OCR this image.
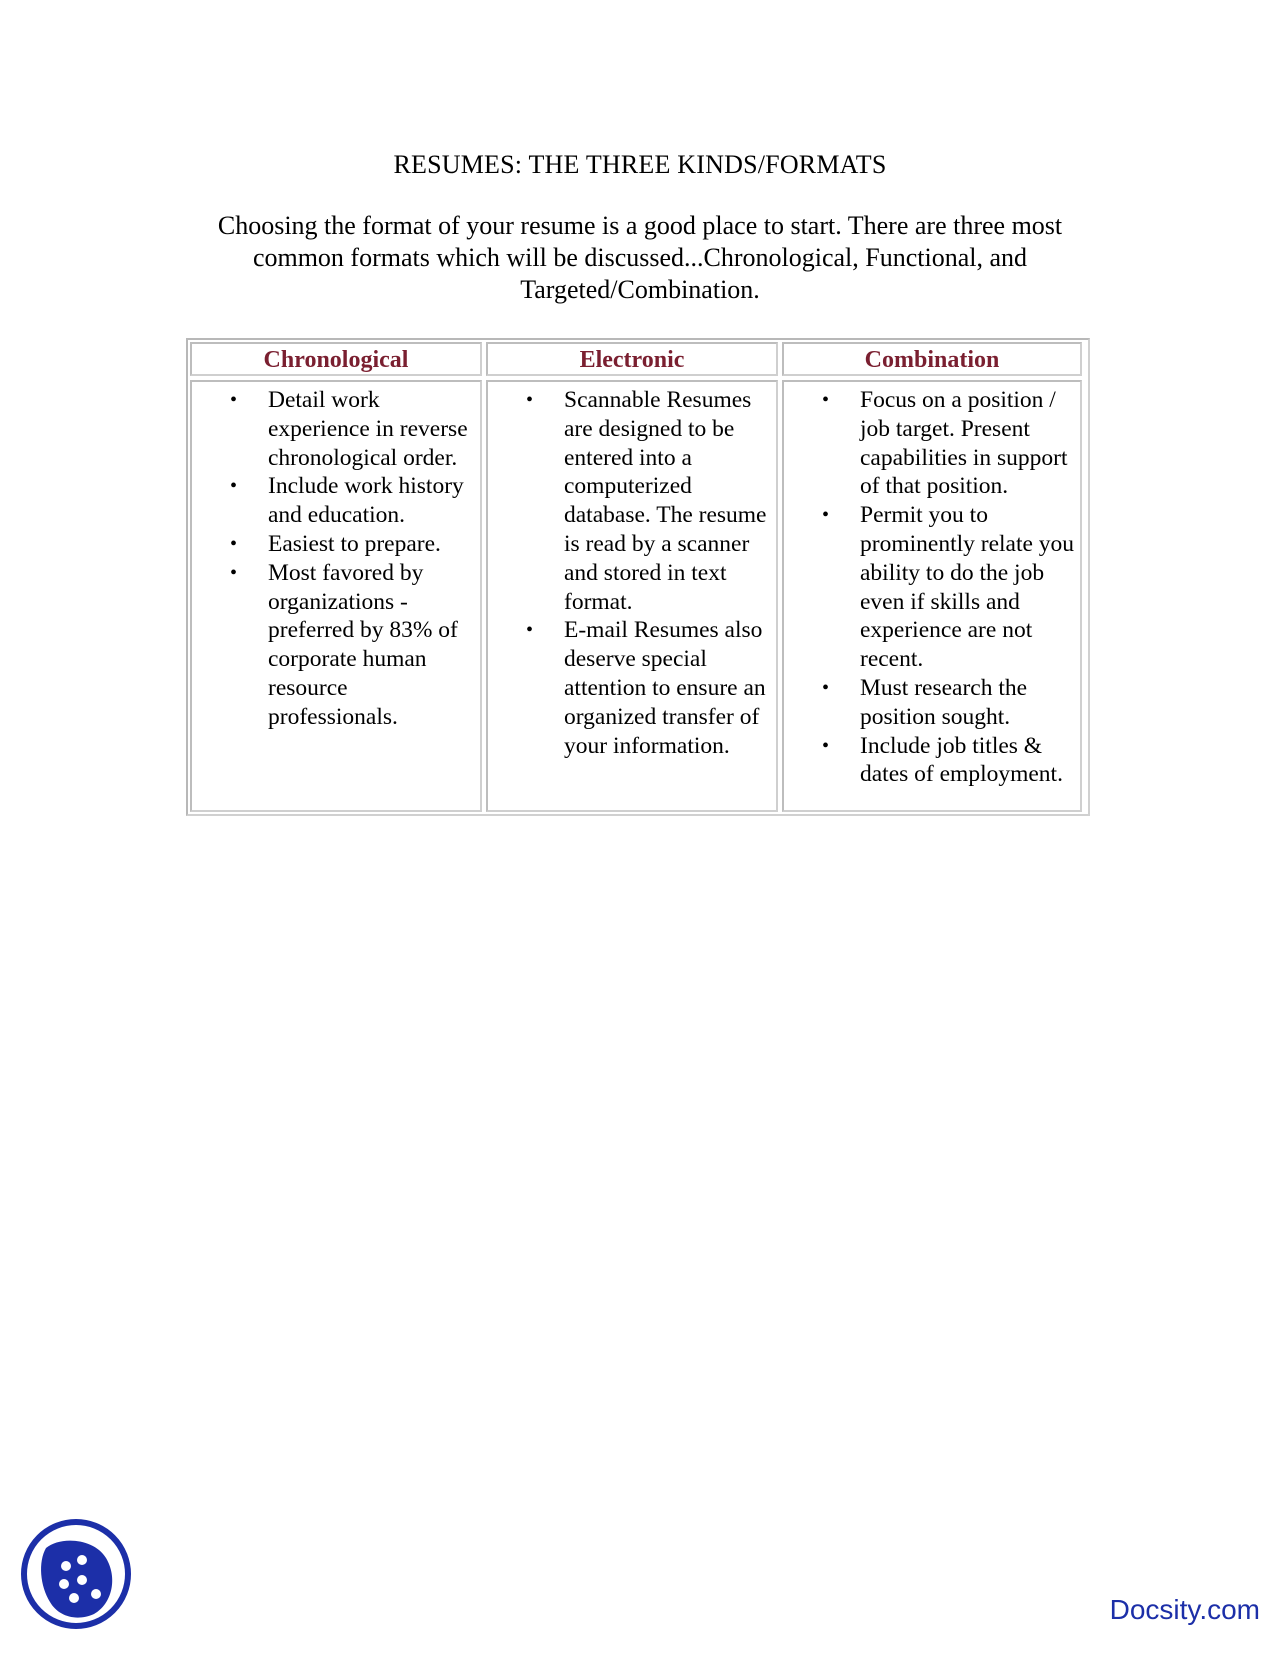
RESUMES: THE THREE KINDS/FORMATS
Choosing the format of your resume is a good place to start. There are three most common formats which will be discussed...Chronological, Functional, and Targeted/Combination.
Chronological	Electronic	Combination
• Detail work experience in reverse chronological order.
• Include work history and education.
• Easiest to prepare.
• Most favored by organizations - preferred by 83% of corporate human resource professionals.
• Scannable Resumes are designed to be entered into a computerized database. The resume is read by a scanner and stored in text format.
• E-mail Resumes also deserve special attention to ensure an organized transfer of your information.
• Focus on a position / job target. Present capabilities in support of that position.
• Permit you to prominently relate you ability to do the job even if skills and experience are not recent.
• Must research the position sought.
• Include job titles & dates of employment.
Docsity.com
